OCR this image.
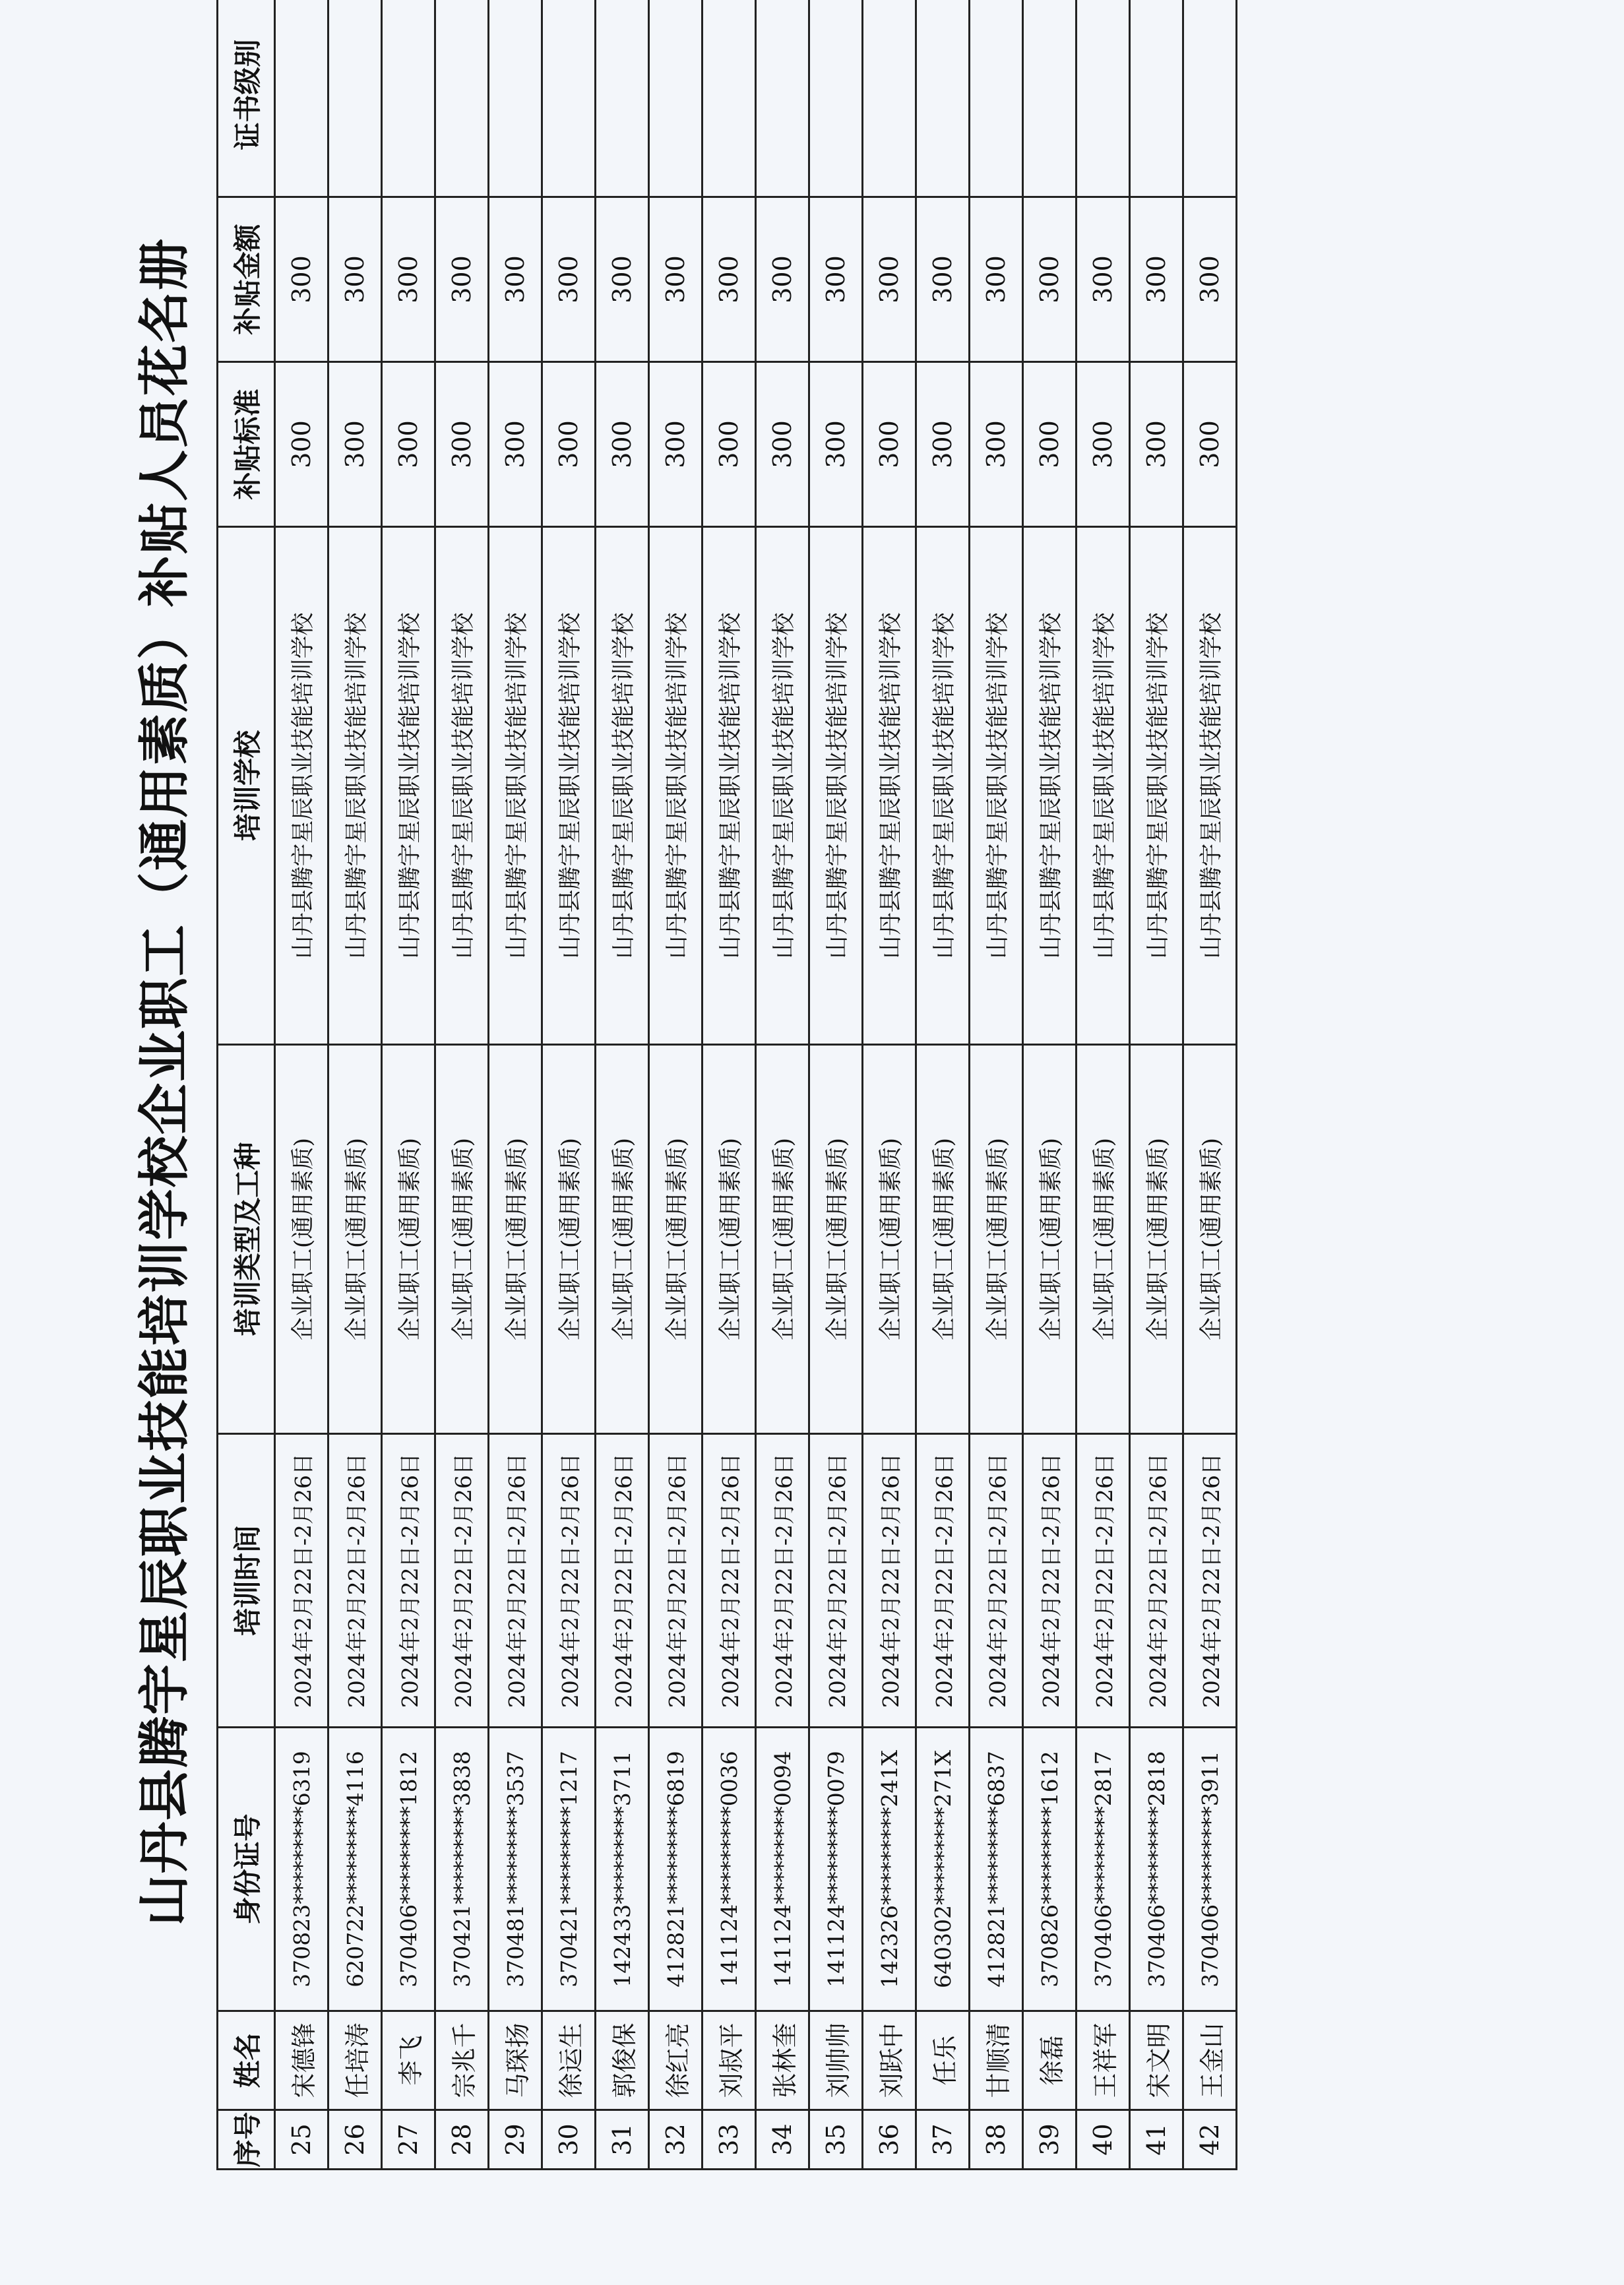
山丹县腾宇星辰职业技能培训学校企业职工（通用素质）补贴人员花名册
序号	姓名	身份证号	培训时间	培训类型及工种	培训学校	补贴标准	补贴金额	证书级别
25	宋德锋	370823*********6319	2024年2月22日-2月26日	企业职工(通用素质)	山丹县腾宇星辰职业技能培训学校	300	300	
26	任培涛	620722*********4116	2024年2月22日-2月26日	企业职工(通用素质)	山丹县腾宇星辰职业技能培训学校	300	300	
27	李飞	370406*********1812	2024年2月22日-2月26日	企业职工(通用素质)	山丹县腾宇星辰职业技能培训学校	300	300	
28	宗兆千	370421*********3838	2024年2月22日-2月26日	企业职工(通用素质)	山丹县腾宇星辰职业技能培训学校	300	300	
29	马琛扬	370481*********3537	2024年2月22日-2月26日	企业职工(通用素质)	山丹县腾宇星辰职业技能培训学校	300	300	
30	徐运生	370421*********1217	2024年2月22日-2月26日	企业职工(通用素质)	山丹县腾宇星辰职业技能培训学校	300	300	
31	郭俊保	142433*********3711	2024年2月22日-2月26日	企业职工(通用素质)	山丹县腾宇星辰职业技能培训学校	300	300	
32	徐红亮	412821*********6819	2024年2月22日-2月26日	企业职工(通用素质)	山丹县腾宇星辰职业技能培训学校	300	300	
33	刘叔平	141124*********0036	2024年2月22日-2月26日	企业职工(通用素质)	山丹县腾宇星辰职业技能培训学校	300	300	
34	张林奎	141124*********0094	2024年2月22日-2月26日	企业职工(通用素质)	山丹县腾宇星辰职业技能培训学校	300	300	
35	刘帅帅	141124*********0079	2024年2月22日-2月26日	企业职工(通用素质)	山丹县腾宇星辰职业技能培训学校	300	300	
36	刘跃中	142326*********241X	2024年2月22日-2月26日	企业职工(通用素质)	山丹县腾宇星辰职业技能培训学校	300	300	
37	任乐	640302*********271X	2024年2月22日-2月26日	企业职工(通用素质)	山丹县腾宇星辰职业技能培训学校	300	300	
38	甘顺清	412821*********6837	2024年2月22日-2月26日	企业职工(通用素质)	山丹县腾宇星辰职业技能培训学校	300	300	
39	徐磊	370826*********1612	2024年2月22日-2月26日	企业职工(通用素质)	山丹县腾宇星辰职业技能培训学校	300	300	
40	王祥军	370406*********2817	2024年2月22日-2月26日	企业职工(通用素质)	山丹县腾宇星辰职业技能培训学校	300	300	
41	宋文明	370406*********2818	2024年2月22日-2月26日	企业职工(通用素质)	山丹县腾宇星辰职业技能培训学校	300	300	
42	王金山	370406*********3911	2024年2月22日-2月26日	企业职工(通用素质)	山丹县腾宇星辰职业技能培训学校	300	300	
